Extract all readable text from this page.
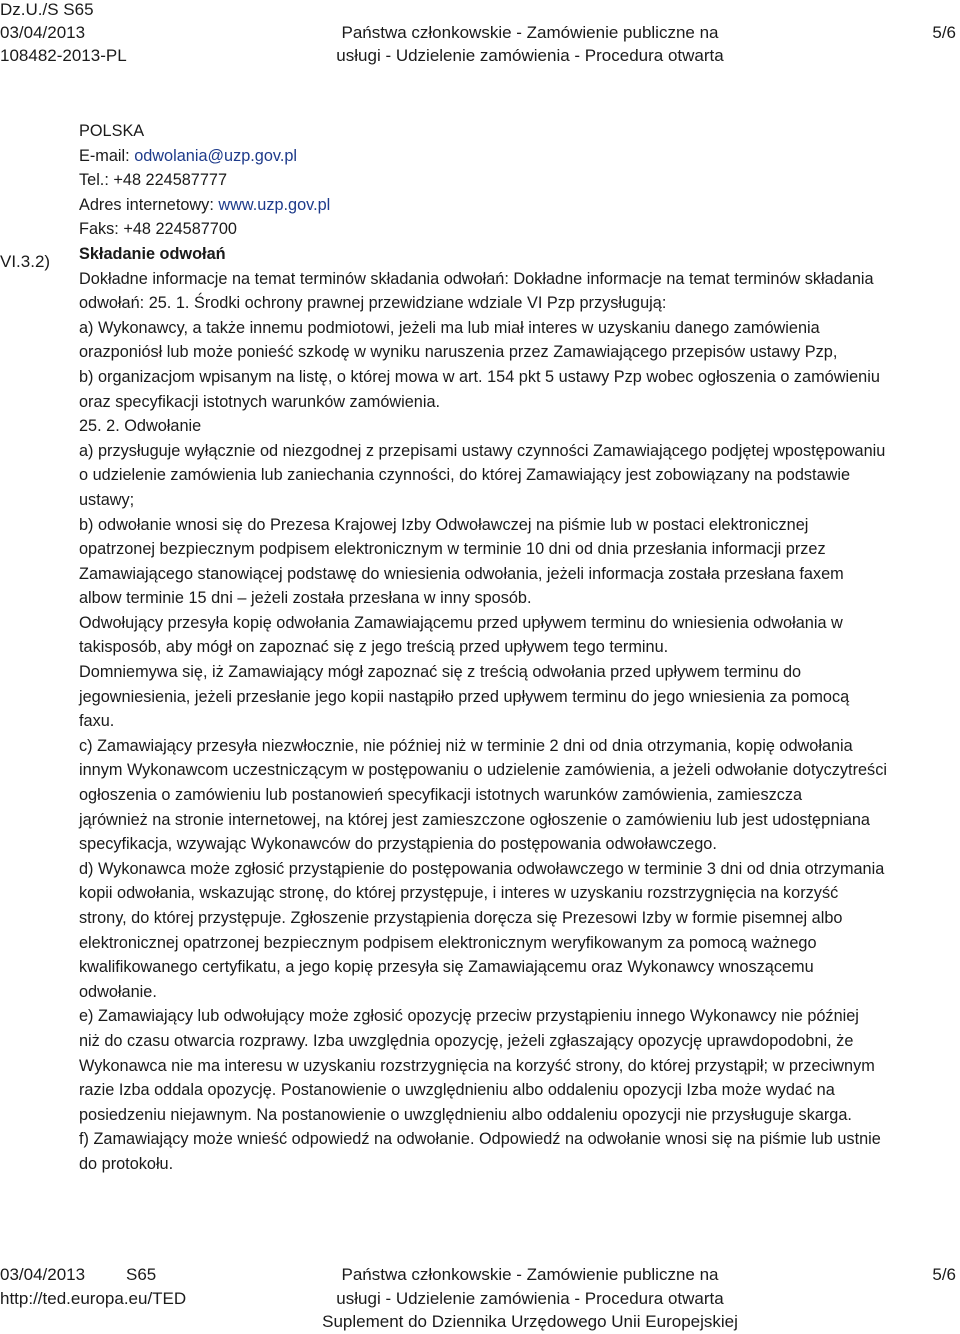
Dz.U./S S65
03/04/2013
108482-2013-PL
Państwa członkowskie - Zamówienie publiczne na
usługi - Udzielenie zamówienia - Procedura otwarta
5/6
VI.3.2)
POLSKA
E-mail: odwolania@uzp.gov.pl
Tel.: +48 224587777
Adres internetowy: www.uzp.gov.pl
Faks: +48 224587700
Składanie odwołań
Dokładne informacje na temat terminów składania odwołań: Dokładne informacje na temat terminów składania
odwołań: 25. 1. Środki ochrony prawnej przewidziane wdziale VI Pzp przysługują:
a) Wykonawcy, a także innemu podmiotowi, jeżeli ma lub miał interes w uzyskaniu danego zamówienia
orazponiósł lub może ponieść szkodę w wyniku naruszenia przez Zamawiającego przepisów ustawy Pzp,
b) organizacjom wpisanym na listę, o której mowa w art. 154 pkt 5 ustawy Pzp wobec ogłoszenia o zamówieniu
oraz specyfikacji istotnych warunków zamówienia.
25. 2. Odwołanie
a) przysługuje wyłącznie od niezgodnej z przepisami ustawy czynności Zamawiającego podjętej wpostępowaniu
o udzielenie zamówienia lub zaniechania czynności, do której Zamawiający jest zobowiązany na podstawie
ustawy;
b) odwołanie wnosi się do Prezesa Krajowej Izby Odwoławczej na piśmie lub w postaci elektronicznej
opatrzonej bezpiecznym podpisem elektronicznym w terminie 10 dni od dnia przesłania informacji przez
Zamawiającego stanowiącej podstawę do wniesienia odwołania, jeżeli informacja została przesłana faxem
albow terminie 15 dni – jeżeli została przesłana w inny sposób.
Odwołujący przesyła kopię odwołania Zamawiającemu przed upływem terminu do wniesienia odwołania w
takisposób, aby mógł on zapoznać się z jego treścią przed upływem tego terminu.
Domniemywa się, iż Zamawiający mógł zapoznać się z treścią odwołania przed upływem terminu do
jegowniesienia, jeżeli przesłanie jego kopii nastąpiło przed upływem terminu do jego wniesienia za pomocą
faxu.
c) Zamawiający przesyła niezwłocznie, nie później niż w terminie 2 dni od dnia otrzymania, kopię odwołania
innym Wykonawcom uczestniczącym w postępowaniu o udzielenie zamówienia, a jeżeli odwołanie dotyczytreści
ogłoszenia o zamówieniu lub postanowień specyfikacji istotnych warunków zamówienia, zamieszcza
jąrównież na stronie internetowej, na której jest zamieszczone ogłoszenie o zamówieniu lub jest udostępniana
specyfikacja, wzywając Wykonawców do przystąpienia do postępowania odwoławczego.
d) Wykonawca może zgłosić przystąpienie do postępowania odwoławczego w terminie 3 dni od dnia otrzymania
kopii odwołania, wskazując stronę, do której przystępuje, i interes w uzyskaniu rozstrzygnięcia na korzyść
strony, do której przystępuje. Zgłoszenie przystąpienia doręcza się Prezesowi Izby w formie pisemnej albo
elektronicznej opatrzonej bezpiecznym podpisem elektronicznym weryfikowanym za pomocą ważnego
kwalifikowanego certyfikatu, a jego kopię przesyła się Zamawiającemu oraz Wykonawcy wnoszącemu
odwołanie.
e) Zamawiający lub odwołujący może zgłosić opozycję przeciw przystąpieniu innego Wykonawcy nie później
niż do czasu otwarcia rozprawy. Izba uwzględnia opozycję, jeżeli zgłaszający opozycję uprawdopodobni, że
Wykonawca nie ma interesu w uzyskaniu rozstrzygnięcia na korzyść strony, do której przystąpił; w przeciwnym
razie Izba oddala opozycję. Postanowienie o uwzględnieniu albo oddaleniu opozycji Izba może wydać na
posiedzeniu niejawnym. Na postanowienie o uwzględnieniu albo oddaleniu opozycji nie przysługuje skarga.
f) Zamawiający może wnieść odpowiedź na odwołanie. Odpowiedź na odwołanie wnosi się na piśmie lub ustnie
do protokołu.
03/04/2013 S65
http://ted.europa.eu/TED
Państwa członkowskie - Zamówienie publiczne na
usługi - Udzielenie zamówienia - Procedura otwarta
Suplement do Dziennika Urzędowego Unii Europejskiej
5/6
